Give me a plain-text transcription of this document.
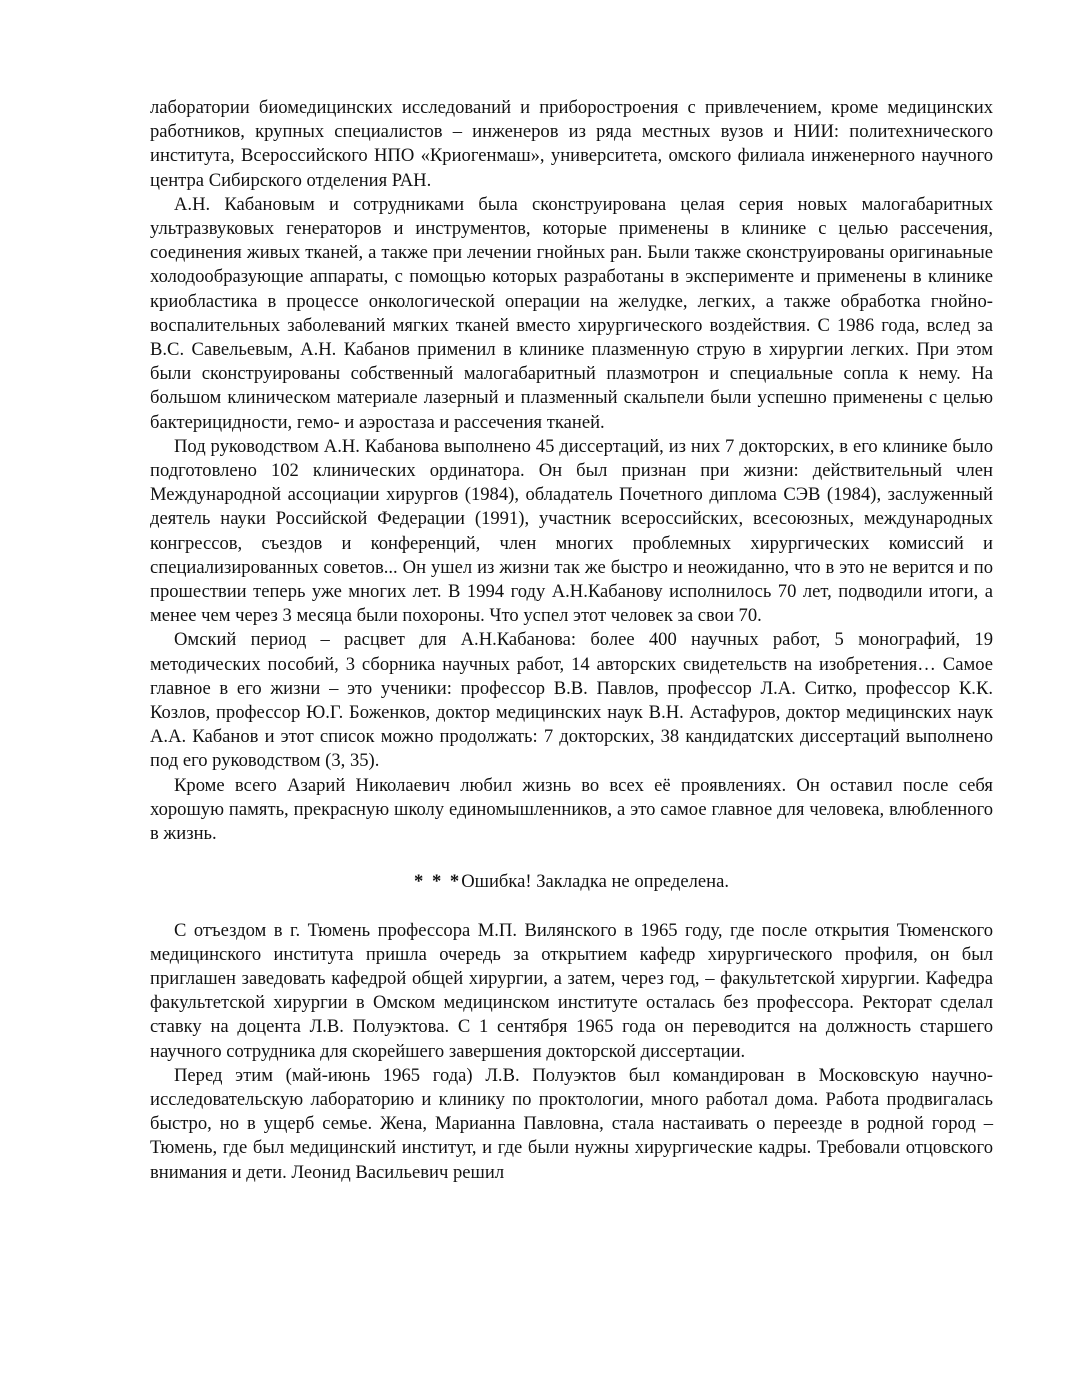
лаборатории биомедицинских исследований и приборостроения с привлечением, кроме медицинских работников, крупных специалистов – инженеров из ряда местных вузов и НИИ: политехнического института, Всероссийского НПО «Криогенмаш», университета, омского филиала инженерного научного центра Сибирского отделения РАН.

А.Н. Кабановым и сотрудниками была сконструирована целая серия новых малогабаритных ультразвуковых генераторов и инструментов, которые применены в клинике с целью рассечения, соединения живых тканей, а также при лечении гнойных ран. Были также сконструированы оригинаьные холодообразующие аппараты, с помощью которых разработаны в эксперименте и применены в клинике криобластика в процессе онкологической операции на желудке, легких, а также обработка гнойно-воспалительных заболеваний мягких тканей вместо хирургического воздействия. С 1986 года, вслед за В.С. Савельевым, А.Н. Кабанов применил в клинике плазменную струю в хирургии легких. При этом были сконструированы собственный малогабаритный плазмотрон и специальные сопла к нему. На большом клиническом материале лазерный и плазменный скальпели были успешно применены с целью бактерицидности, гемо- и аэростаза и рассечения тканей.

Под руководством А.Н. Кабанова выполнено 45 диссертаций, из них 7 докторских, в его клинике было подготовлено 102 клинических ординатора. Он был признан при жизни: действительный член Международной ассоциации хирургов (1984), обладатель Почетного диплома СЭВ (1984), заслуженный деятель науки Российской Федерации (1991), участник всероссийских, всесоюзных, международных конгрессов, съездов и конференций, член многих проблемных хирургических комиссий и специализированных советов... Он ушел из жизни так же быстро и неожиданно, что в это не верится и по прошествии теперь уже многих лет. В 1994 году А.Н.Кабанову исполнилось 70 лет, подводили итоги, а менее чем через 3 месяца были похороны. Что успел этот человек за свои 70.

Омский период – расцвет для А.Н.Кабанова: более 400 научных работ, 5 монографий, 19 методических пособий, 3 сборника научных работ, 14 авторских свидетельств на изобретения… Самое главное в его жизни – это ученики: профессор В.В. Павлов, профессор Л.А. Ситко, профессор К.К. Козлов, профессор Ю.Г. Боженков, доктор медицинских наук В.Н. Астафуров, доктор медицинских наук А.А. Кабанов и этот список можно продолжать: 7 докторских, 38 кандидатских диссертаций выполнено под его руководством (3, 35).

Кроме всего Азарий Николаевич любил жизнь во всех её проявлениях. Он оставил после себя хорошую память, прекрасную школу единомышленников, а это самое главное для человека, влюбленного в жизнь.

* * *Ошибка! Закладка не определена.

С отъездом в г. Тюмень профессора М.П. Вилянского в 1965 году, где после открытия Тюменского медицинского института пришла очередь за открытием кафедр хирургического профиля, он был приглашен заведовать кафедрой общей хирургии, а затем, через год, – факультетской хирургии. Кафедра факультетской хирургии в Омском медицинском институте осталась без профессора. Ректорат сделал ставку на доцента Л.В. Полуэктова. С 1 сентября 1965 года он переводится на должность старшего научного сотрудника для скорейшего завершения докторской диссертации.

Перед этим (май-июнь 1965 года) Л.В. Полуэктов был командирован в Московскую научно-исследовательскую лабораторию и клинику по проктологии, много работал дома. Работа продвигалась быстро, но в ущерб семье. Жена, Марианна Павловна, стала настаивать о переезде в родной город – Тюмень, где был медицинский институт, и где были нужны хирургические кадры. Требовали отцовского внимания и дети. Леонид Васильевич решил
